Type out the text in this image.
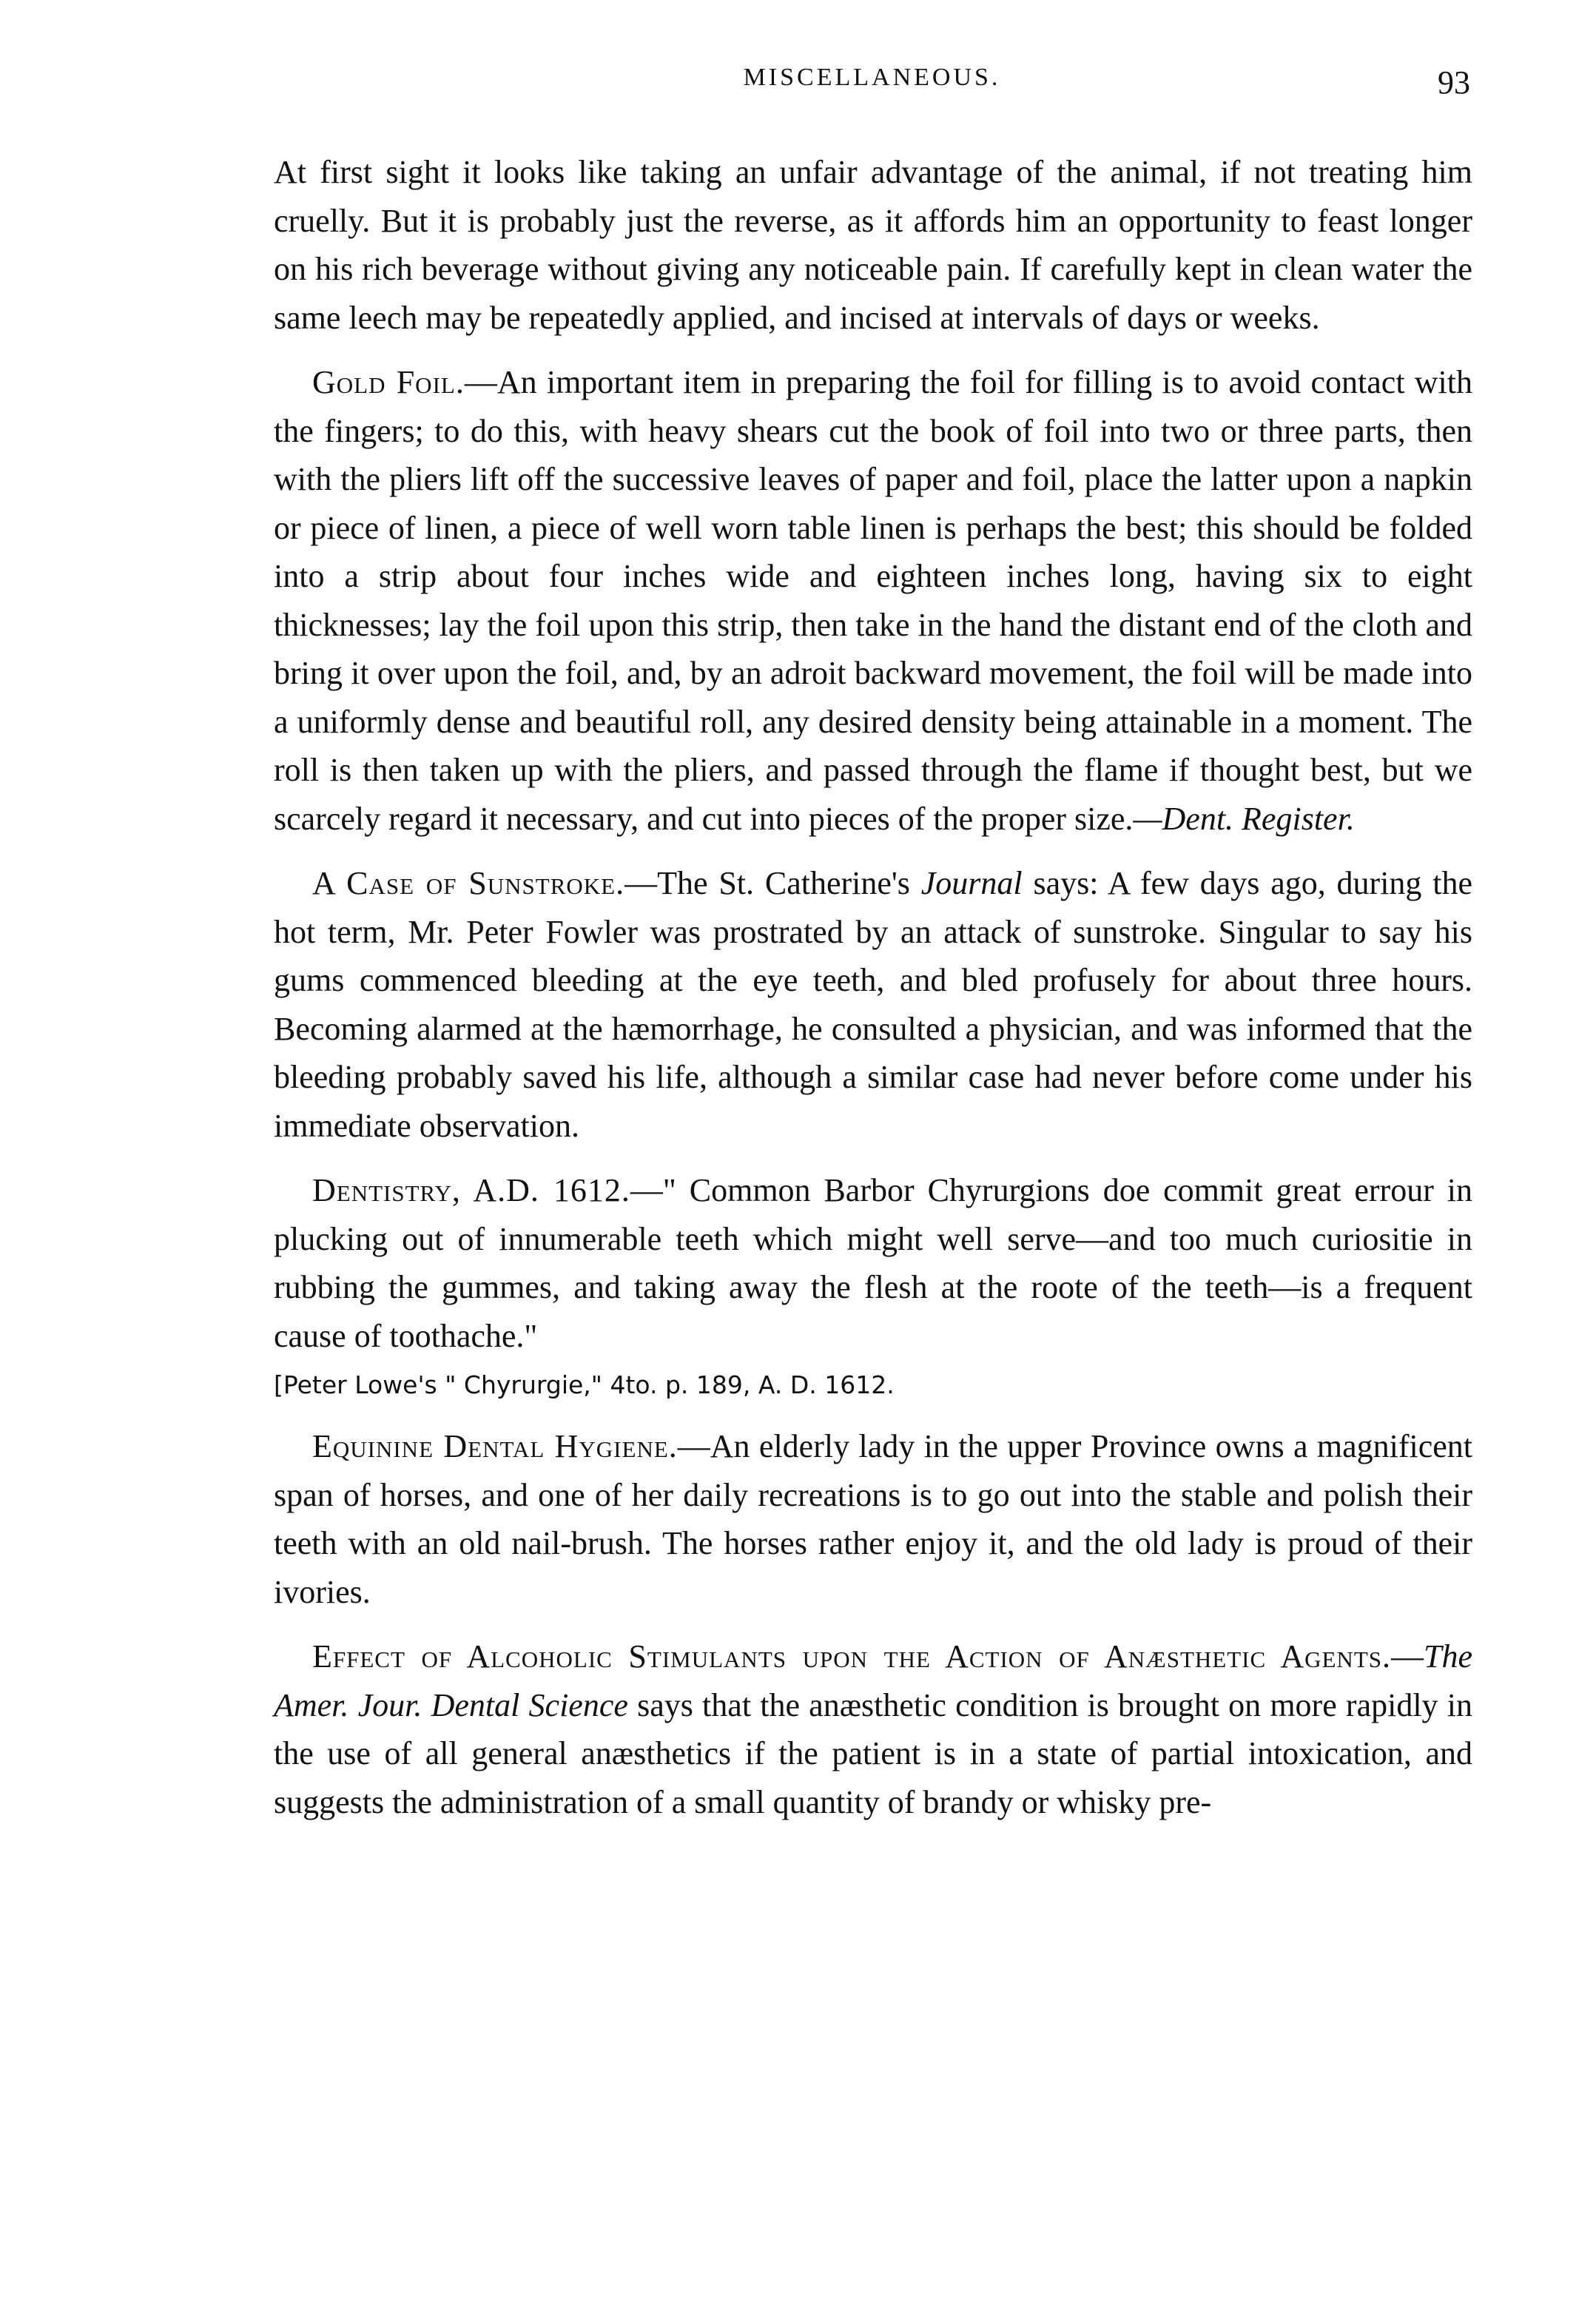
MISCELLANEOUS.	93

At first sight it looks like taking an unfair advantage of the animal, if not treating him cruelly. But it is probably just the reverse, as it affords him an opportunity to feast longer on his rich beverage without giving any noticeable pain. If carefully kept in clean water the same leech may be repeatedly applied, and incised at intervals of days or weeks.

Gold Foil.—An important item in preparing the foil for filling is to avoid contact with the fingers; to do this, with heavy shears cut the book of foil into two or three parts, then with the pliers lift off the successive leaves of paper and foil, place the latter upon a napkin or piece of linen, a piece of well worn table linen is perhaps the best; this should be folded into a strip about four inches wide and eighteen inches long, having six to eight thicknesses; lay the foil upon this strip, then take in the hand the distant end of the cloth and bring it over upon the foil, and, by an adroit backward movement, the foil will be made into a uniformly dense and beautiful roll, any desired density being attainable in a moment. The roll is then taken up with the pliers, and passed through the flame if thought best, but we scarcely regard it necessary, and cut into pieces of the proper size.—Dent. Register.

A Case of Sunstroke.—The St. Catherine's Journal says: A few days ago, during the hot term, Mr. Peter Fowler was prostrated by an attack of sunstroke. Singular to say his gums commenced bleeding at the eye teeth, and bled profusely for about three hours. Becoming alarmed at the hæmorrhage, he consulted a physician, and was informed that the bleeding probably saved his life, although a similar case had never before come under his immediate observation.

Dentistry, A.D. 1612.—" Common Barbor Chyrurgions doe commit great errour in plucking out of innumerable teeth which might well serve—and too much curiositie in rubbing the gummes, and taking away the flesh at the roote of the teeth—is a frequent cause of toothache."

[Peter Lowe's " Chyrurgie," 4to. p. 189, A. D. 1612.

Equinine Dental Hygiene.—An elderly lady in the upper Province owns a magnificent span of horses, and one of her daily recreations is to go out into the stable and polish their teeth with an old nail-brush. The horses rather enjoy it, and the old lady is proud of their ivories.

Effect of Alcoholic Stimulants upon the Action of Anæsthetic Agents.—The Amer. Jour. Dental Science says that the anæsthetic condition is brought on more rapidly in the use of all general anæsthetics if the patient is in a state of partial intoxication, and suggests the administration of a small quantity of brandy or whisky pre-
